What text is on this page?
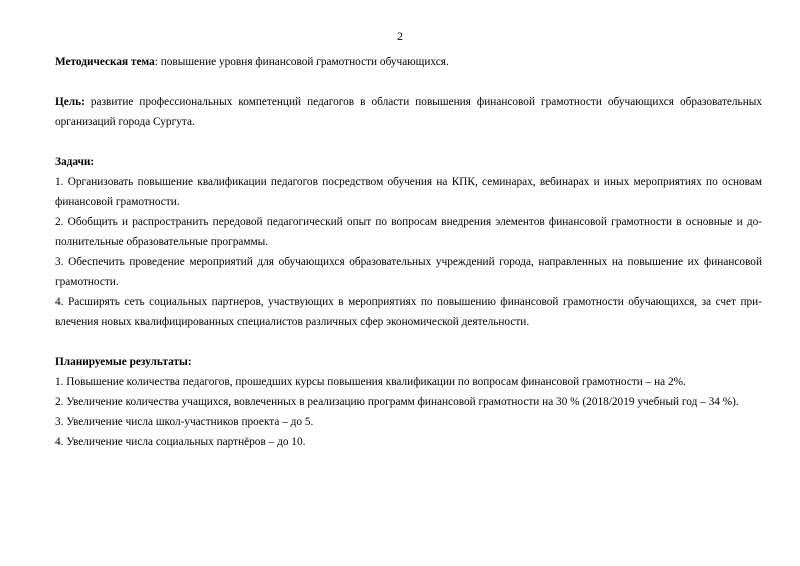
2

Методическая тема: повышение уровня финансовой грамотности обучающихся.

Цель: развитие профессиональных компетенций педагогов в области повышения финансовой грамотности обучающихся образовательных организаций города Сургута.

Задачи:

1. Организовать повышение квалификации педагогов посредством обучения на КПК, семинарах, вебинарах и иных мероприятиях по основам финансовой грамотности.

2. Обобщить и распространить передовой педагогический опыт по вопросам внедрения элементов финансовой грамотности в основные и дополнительные образовательные программы.

3. Обеспечить проведение мероприятий для обучающихся образовательных учреждений города, направленных на повышение их финансовой грамотности.

4. Расширять сеть социальных партнеров, участвующих в мероприятиях по повышению финансовой грамотности обучающихся, за счет привлечения новых квалифицированных специалистов различных сфер экономической деятельности.

Планируемые результаты:

1. Повышение количества педагогов, прошедших курсы повышения квалификации по вопросам финансовой грамотности – на 2%.

2. Увеличение количества учащихся, вовлеченных в реализацию программ финансовой грамотности на 30 % (2018/2019 учебный год – 34 %).

3. Увеличение числа школ-участников проекта – до 5.

4. Увеличение числа социальных партнёров – до 10.
